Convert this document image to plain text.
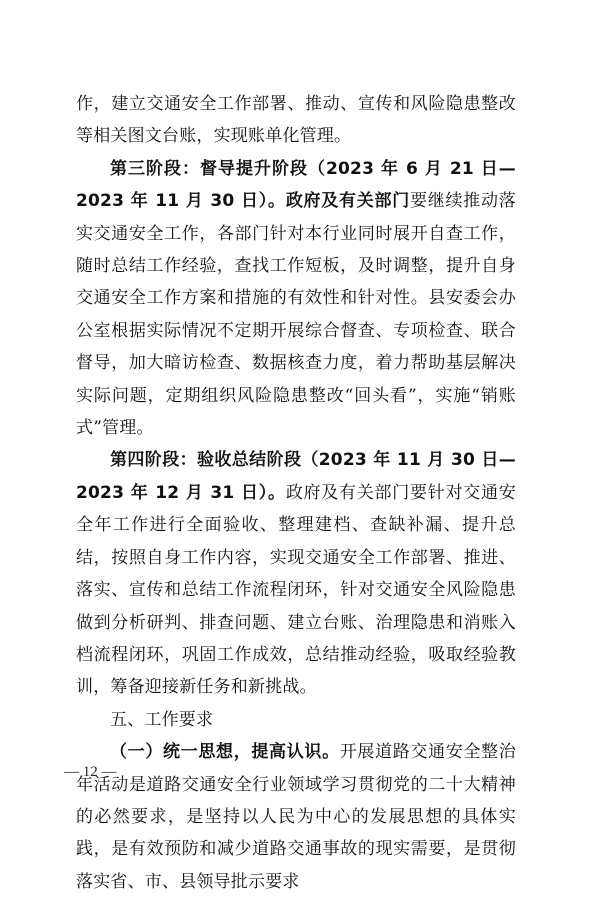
作，建立交通安全工作部署、推动、宣传和风险隐患整改等相关图文台账，实现账单化管理。

第三阶段：督导提升阶段（2023 年 6 月 21 日—2023 年 11 月 30 日）。政府及有关部门要继续推动落实交通安全工作，各部门针对本行业同时展开自查工作，随时总结工作经验，查找工作短板，及时调整，提升自身交通安全工作方案和措施的有效性和针对性。县安委会办公室根据实际情况不定期开展综合督查、专项检查、联合督导，加大暗访检查、数据核查力度，着力帮助基层解决实际问题，定期组织风险隐患整改“回头看”，实施“销账式”管理。

第四阶段：验收总结阶段（2023 年 11 月 30 日—2023 年 12 月 31 日）。政府及有关部门要针对交通安全年工作进行全面验收、整理建档、查缺补漏、提升总结，按照自身工作内容，实现交通安全工作部署、推进、落实、宣传和总结工作流程闭环，针对交通安全风险隐患做到分析研判、排查问题、建立台账、治理隐患和消账入档流程闭环，巩固工作成效，总结推动经验，吸取经验教训，筹备迎接新任务和新挑战。

五、工作要求

（一）统一思想，提高认识。开展道路交通安全整治年活动是道路交通安全行业领域学习贯彻党的二十大精神的必然要求，是坚持以人民为中心的发展思想的具体实践，是有效预防和减少道路交通事故的现实需要，是贯彻落实省、市、县领导批示要求

— 12 —
